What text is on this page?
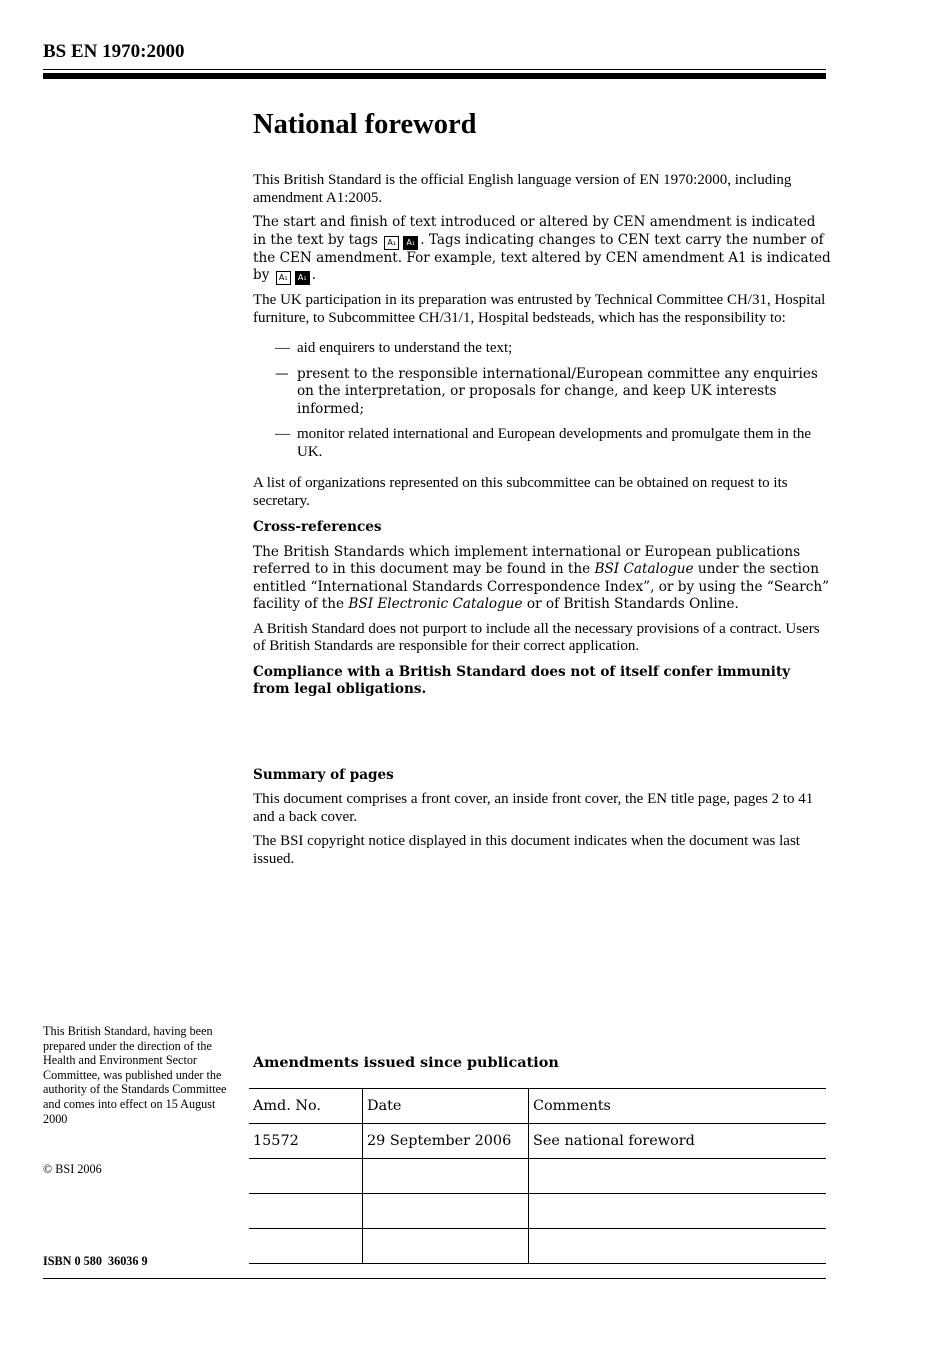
BS EN 1970:2000
National foreword

This British Standard is the official English language version of EN 1970:2000, including amendment A1:2005.

The start and finish of text introduced or altered by CEN amendment is indicated in the text by tags A₁ A₁ . Tags indicating changes to CEN text carry the number of the CEN amendment. For example, text altered by CEN amendment A1 is indicated by A₁ A₁ .

The UK participation in its preparation was entrusted by Technical Committee CH/31, Hospital furniture, to Subcommittee CH/31/1, Hospital bedsteads, which has the responsibility to:

— aid enquirers to understand the text;
— present to the responsible international/European committee any enquiries on the interpretation, or proposals for change, and keep UK interests informed;
— monitor related international and European developments and promulgate them in the UK.

A list of organizations represented on this subcommittee can be obtained on request to its secretary.

Cross-references

The British Standards which implement international or European publications referred to in this document may be found in the BSI Catalogue under the section entitled “International Standards Correspondence Index”, or by using the “Search” facility of the BSI Electronic Catalogue or of British Standards Online.

A British Standard does not purport to include all the necessary provisions of a contract. Users of British Standards are responsible for their correct application.

Compliance with a British Standard does not of itself confer immunity from legal obligations.

Summary of pages

This document comprises a front cover, an inside front cover, the EN title page, pages 2 to 41 and a back cover.

The BSI copyright notice displayed in this document indicates when the document was last issued.

This British Standard, having been prepared under the direction of the Health and Environment Sector Committee, was published under the authority of the Standards Committee and comes into effect on 15 August 2000
© BSI 2006
ISBN 0 580  36036 9
Amendments issued since publication
Amd. No.	Date	Comments
15572	29 September 2006	See national foreword
